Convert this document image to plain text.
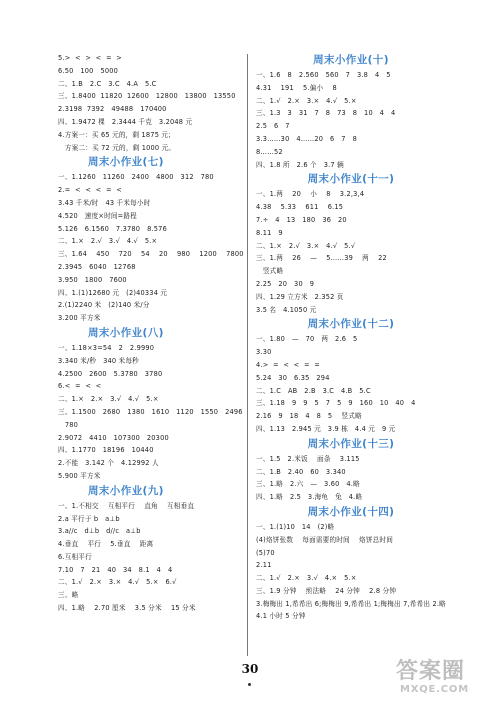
5.>  <  >  <  =  >
6.50   100   5000
二、1.B   2.C   3.C   4.A   5.C
三、1.8400  11820  12600   12800   13800   13550
2.3198  7392   49488   170400
四、1.9472 棵   2.3444 千克   3.2048 元
4.方案一：买 65 元的，剩 1875 元；
方案二：买 72 元的，剩 1000 元。
周末小作业(七)
一、1.1260   11260   2400   4800   312   780
2.=  <  <  <  =  <
3.43 千米/时   43 千米每小时
4.520   速度×时间=路程
5.126   6.1560   7.3780   8.576
二、1.×   2.√   3.√   4.√   5.×
三、1.64    450    720    54    20    980    1200    7800
2.3945   6040   12768
3.950   1800   7600
四、1.(1)12680 元   (2)40334 元
2.(1)2240 米   (2)140 米/分
3.200 平方米
周末小作业(八)
一、1.18×3=54   2   2.9990
3.340 米/秒   340 米每秒
4.2500   2600   5.3780   3780
6.<  =  <  <
二、1.×   2.×   3.√   4.√   5.×
三、1.1500   2680   1380   1610   1120   1550   2496
780
2.9072   4410   107300   20300
四、1.1770   18196   10440
2.不能   3.142 个   4.12992 人
5.900 平方米
周末小作业(九)
一、1.不相交    互相平行    直角    互相垂直
2.a 平行于 b   a⊥b
3.a//c   d⊥b   d//c   a⊥b
4.垂直    平行    5.垂直    距离
6.互相平行
7.10   7   21   40   34   8.1   4   4
二、1.√   2.×   3.×   4.√   5.×   6.√
三、略
四、1.略    2.70 厘米    3.5 分米    15 分米
周末小作业(十)
一、1.6   8   2.560   560   7   3.8   4   5
4.31    191    5.偏小    8
二、1.√   2.×   3.×   4.√   5.×
三、1.3   3   31   7   8   73   8   10   4   4
2.5   6   7
3.3……30   4……20   6   7   8
8……52
四、1.8 所   2.6 个   3.7 辆
周末小作业(十一)
一、1.两    20    小    8    3.2,3,4
4.38    5.33    611    6.15
7.÷   4   13   180   36   20
8.11   9
二、1.×   2.√   3.×   4.√   5.√
三、1.两    26    —    5……39    两    22
竖式略
2.25   20   30   9
四、1.29 立方米   2.352 页
3.5 名   4.1050 元
周末小作业(十二)
一、1.80   —   70   两   2.6   5
3.30
4.>  =  <  <  =  =
5.24   30   6.35   294
二、1.C   AB   2.B   3.C   4.B   5.C
三、1.18   9   9   5   7   5   9   160   10   40   4
2.16   9   18   4   8   5    竖式略
四、1.13   2.945 元   3.9 栋   4.4 元   9 元
周末小作业(十三)
一、1.5   2.米饭    面条    3.115
二、1.B   2.40   60   3.340
三、1.略   2.六   —   3.60   4.略
四、1.略   2.5   3.海龟   兔   4.略
周末小作业(十四)
一、1.(1)10   14   (2)略
(4)烙饼张数    每面需要的时间    烙饼总时间
(5)70
2.11
二、1.√   2.×   3.√   4.×   5.×
三、1.9 分钟    煎法略    24 分钟    2.8 分钟
3.梅梅出 1,希希出 6;梅梅出 9,希希出 1;梅梅出 7,希希出 2.略
4.1 小时 5 分钟
30	答案圈
MXQE.COM
